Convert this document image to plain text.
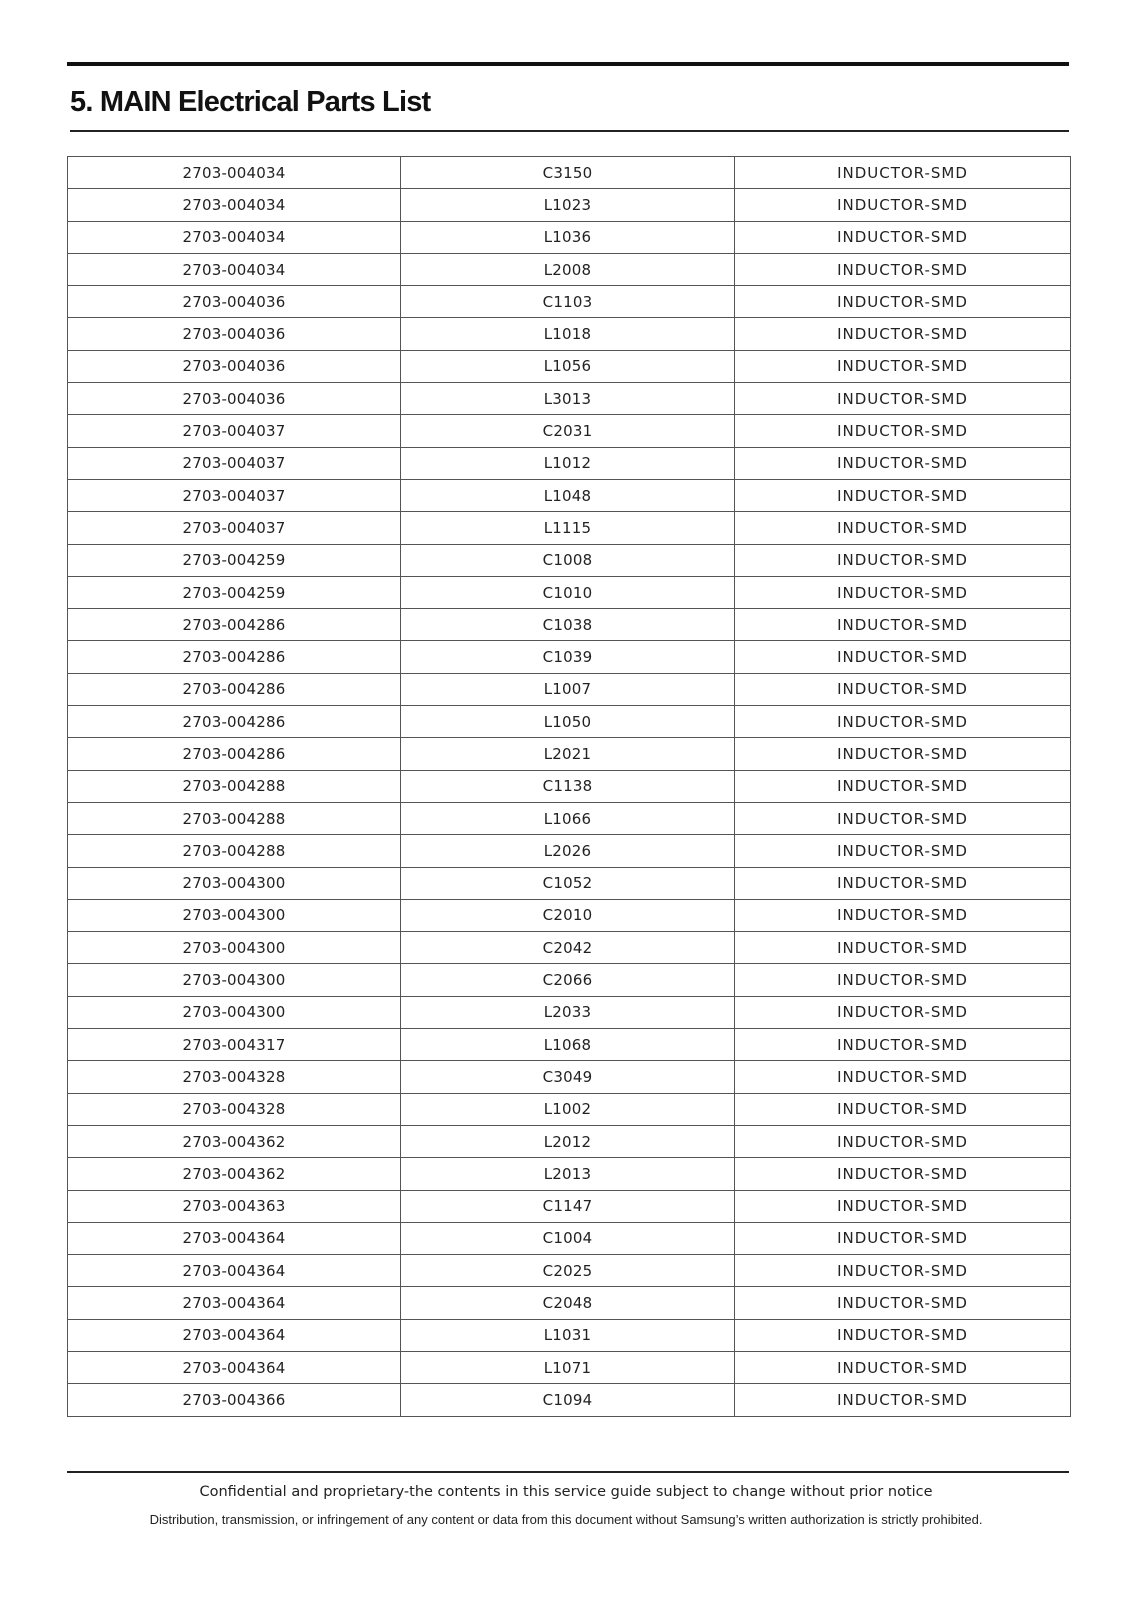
5. MAIN Electrical Parts List
2703-004034	C3150	INDUCTOR-SMD
2703-004034	L1023	INDUCTOR-SMD
2703-004034	L1036	INDUCTOR-SMD
2703-004034	L2008	INDUCTOR-SMD
2703-004036	C1103	INDUCTOR-SMD
2703-004036	L1018	INDUCTOR-SMD
2703-004036	L1056	INDUCTOR-SMD
2703-004036	L3013	INDUCTOR-SMD
2703-004037	C2031	INDUCTOR-SMD
2703-004037	L1012	INDUCTOR-SMD
2703-004037	L1048	INDUCTOR-SMD
2703-004037	L1115	INDUCTOR-SMD
2703-004259	C1008	INDUCTOR-SMD
2703-004259	C1010	INDUCTOR-SMD
2703-004286	C1038	INDUCTOR-SMD
2703-004286	C1039	INDUCTOR-SMD
2703-004286	L1007	INDUCTOR-SMD
2703-004286	L1050	INDUCTOR-SMD
2703-004286	L2021	INDUCTOR-SMD
2703-004288	C1138	INDUCTOR-SMD
2703-004288	L1066	INDUCTOR-SMD
2703-004288	L2026	INDUCTOR-SMD
2703-004300	C1052	INDUCTOR-SMD
2703-004300	C2010	INDUCTOR-SMD
2703-004300	C2042	INDUCTOR-SMD
2703-004300	C2066	INDUCTOR-SMD
2703-004300	L2033	INDUCTOR-SMD
2703-004317	L1068	INDUCTOR-SMD
2703-004328	C3049	INDUCTOR-SMD
2703-004328	L1002	INDUCTOR-SMD
2703-004362	L2012	INDUCTOR-SMD
2703-004362	L2013	INDUCTOR-SMD
2703-004363	C1147	INDUCTOR-SMD
2703-004364	C1004	INDUCTOR-SMD
2703-004364	C2025	INDUCTOR-SMD
2703-004364	C2048	INDUCTOR-SMD
2703-004364	L1031	INDUCTOR-SMD
2703-004364	L1071	INDUCTOR-SMD
2703-004366	C1094	INDUCTOR-SMD
Confidential and proprietary-the contents in this service guide subject to change without prior notice
Distribution, transmission, or infringement of any content or data from this document without Samsung’s written authorization is strictly prohibited.
